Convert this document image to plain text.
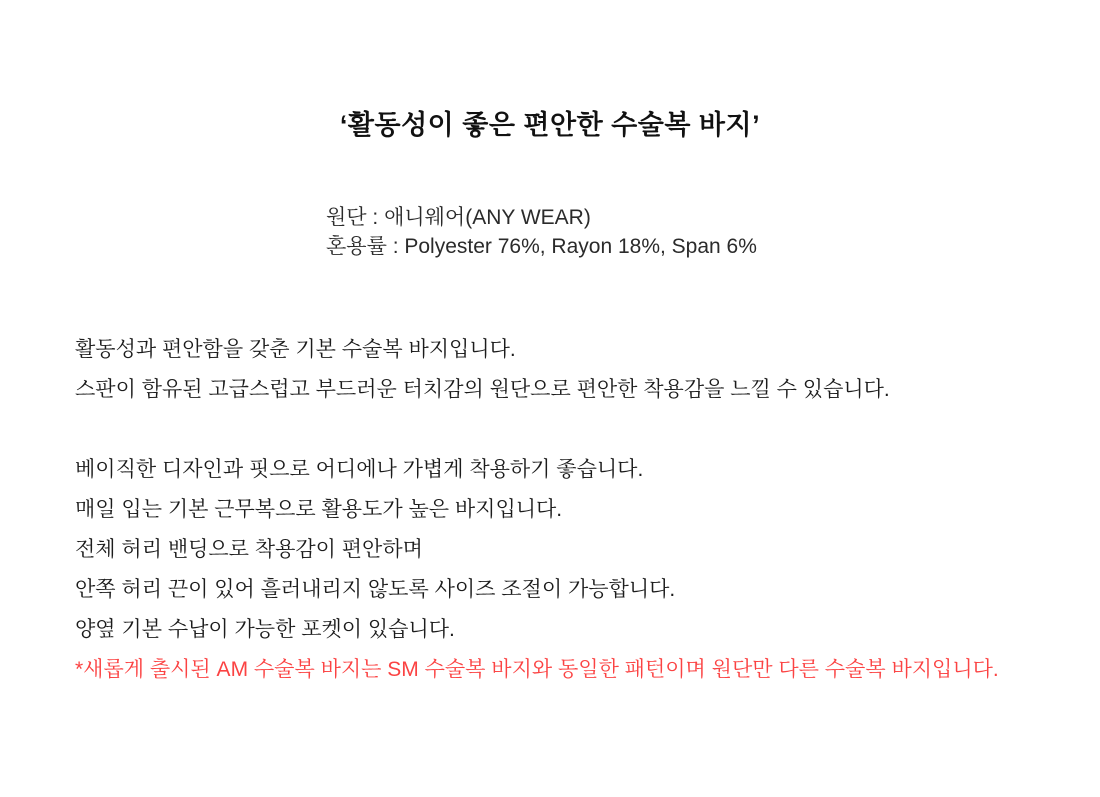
‘활동성이 좋은 편안한 수술복 바지’
원단 : 애니웨어(ANY WEAR)
혼용률 : Polyester 76%, Rayon 18%, Span 6%
활동성과 편안함을 갖춘 기본 수술복 바지입니다.
스판이 함유된 고급스럽고 부드러운 터치감의 원단으로 편안한 착용감을 느낄 수 있습니다.
베이직한 디자인과 핏으로 어디에나 가볍게 착용하기 좋습니다.
매일 입는 기본 근무복으로 활용도가 높은 바지입니다.
전체 허리 밴딩으로 착용감이 편안하며
안쪽 허리 끈이 있어 흘러내리지 않도록 사이즈 조절이 가능합니다.
양옆 기본 수납이 가능한 포켓이 있습니다.
*새롭게 출시된 AM 수술복 바지는 SM 수술복 바지와 동일한 패턴이며 원단만 다른 수술복 바지입니다.
